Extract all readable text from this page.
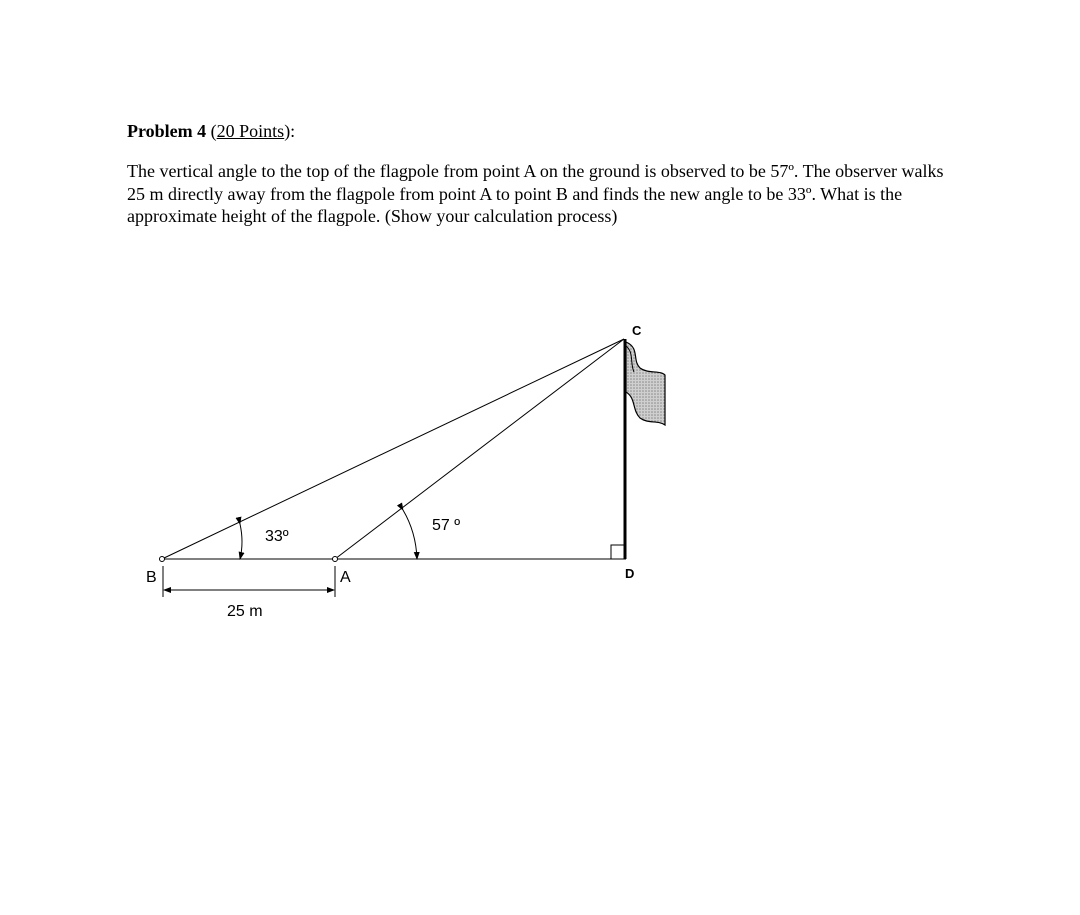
Problem 4 (20 Points):

The vertical angle to the top of the flagpole from point A on the ground is observed to be 57º. The observer walks 25 m directly away from the flagpole from point A to point B and finds the new angle to be 33º. What is the approximate height of the flagpole. (Show your calculation process)

B	A
C
D
33º
57 º
25 m
